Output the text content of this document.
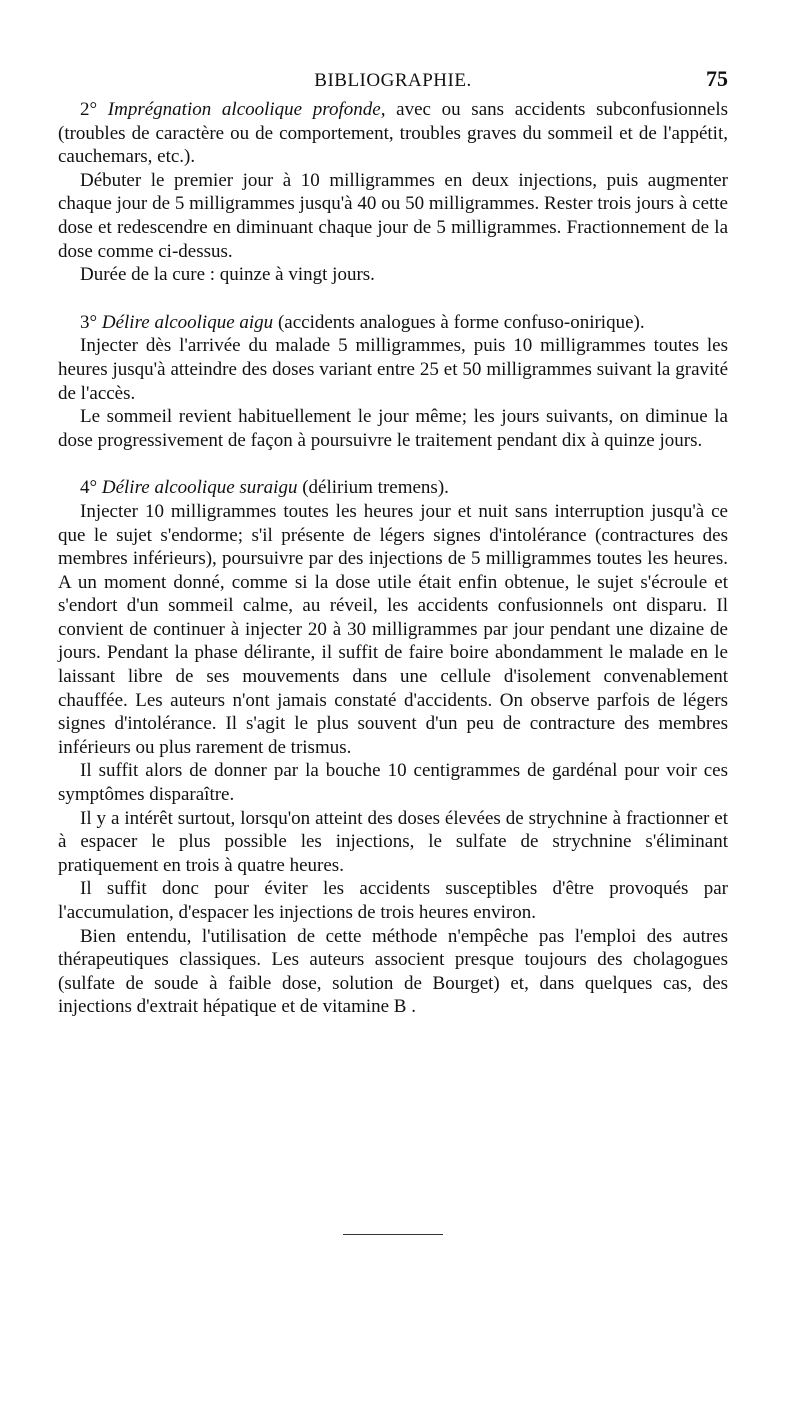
BIBLIOGRAPHIE.	75

2° Imprégnation alcoolique profonde, avec ou sans accidents subconfusionnels (troubles de caractère ou de comportement, troubles graves du sommeil et de l'appétit, cauchemars, etc.).

Débuter le premier jour à 10 milligrammes en deux injections, puis augmenter chaque jour de 5 milligrammes jusqu'à 40 ou 50 milligrammes. Rester trois jours à cette dose et redescendre en diminuant chaque jour de 5 milligrammes. Fractionnement de la dose comme ci-dessus.

Durée de la cure : quinze à vingt jours.

3° Délire alcoolique aigu (accidents analogues à forme confuso-onirique).

Injecter dès l'arrivée du malade 5 milligrammes, puis 10 milligrammes toutes les heures jusqu'à atteindre des doses variant entre 25 et 50 milligrammes suivant la gravité de l'accès.

Le sommeil revient habituellement le jour même; les jours suivants, on diminue la dose progressivement de façon à poursuivre le traitement pendant dix à quinze jours.

4° Délire alcoolique suraigu (délirium tremens).

Injecter 10 milligrammes toutes les heures jour et nuit sans interruption jusqu'à ce que le sujet s'endorme; s'il présente de légers signes d'intolérance (contractures des membres inférieurs), poursuivre par des injections de 5 milligrammes toutes les heures. A un moment donné, comme si la dose utile était enfin obtenue, le sujet s'écroule et s'endort d'un sommeil calme, au réveil, les accidents confusionnels ont disparu. Il convient de continuer à injecter 20 à 30 milligrammes par jour pendant une dizaine de jours. Pendant la phase délirante, il suffit de faire boire abondamment le malade en le laissant libre de ses mouvements dans une cellule d'isolement convenablement chauffée. Les auteurs n'ont jamais constaté d'accidents. On observe parfois de légers signes d'intolérance. Il s'agit le plus souvent d'un peu de contracture des membres inférieurs ou plus rarement de trismus.

Il suffit alors de donner par la bouche 10 centigrammes de gardénal pour voir ces symptômes disparaître.

Il y a intérêt surtout, lorsqu'on atteint des doses élevées de strychnine à fractionner et à espacer le plus possible les injections, le sulfate de strychnine s'éliminant pratiquement en trois à quatre heures.

Il suffit donc pour éviter les accidents susceptibles d'être provoqués par l'accumulation, d'espacer les injections de trois heures environ.

Bien entendu, l'utilisation de cette méthode n'empêche pas l'emploi des autres thérapeutiques classiques. Les auteurs associent presque toujours des cholagogues (sulfate de soude à faible dose, solution de Bourget) et, dans quelques cas, des injections d'extrait hépatique et de vitamine B .
